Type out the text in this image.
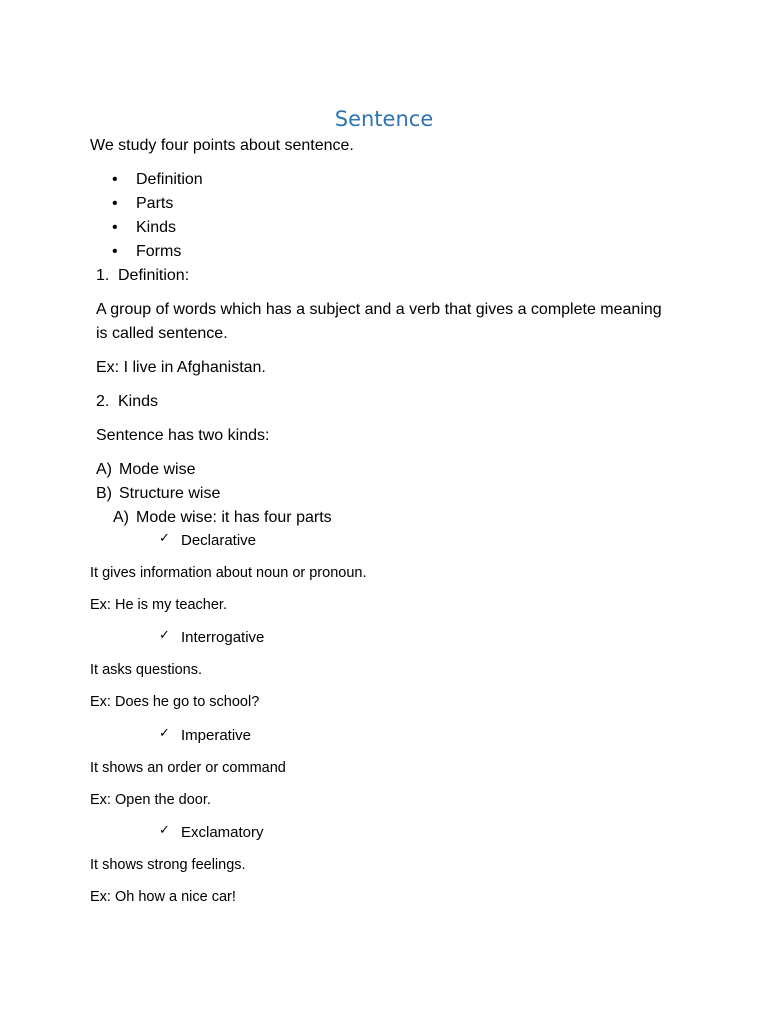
Sentence
We study four points about sentence.
• Definition
• Parts
• Kinds
• Forms
1. Definition:
A group of words which has a subject and a verb that gives a complete meaning
is called sentence.
Ex: I live in Afghanistan.
2. Kinds
Sentence has two kinds:
A) Mode wise
B) Structure wise
A) Mode wise: it has four parts
✓ Declarative
It gives information about noun or pronoun.
Ex: He is my teacher.
✓ Interrogative
It asks questions.
Ex: Does he go to school?
✓ Imperative
It shows an order or command
Ex: Open the door.
✓ Exclamatory
It shows strong feelings.
Ex: Oh how a nice car!
